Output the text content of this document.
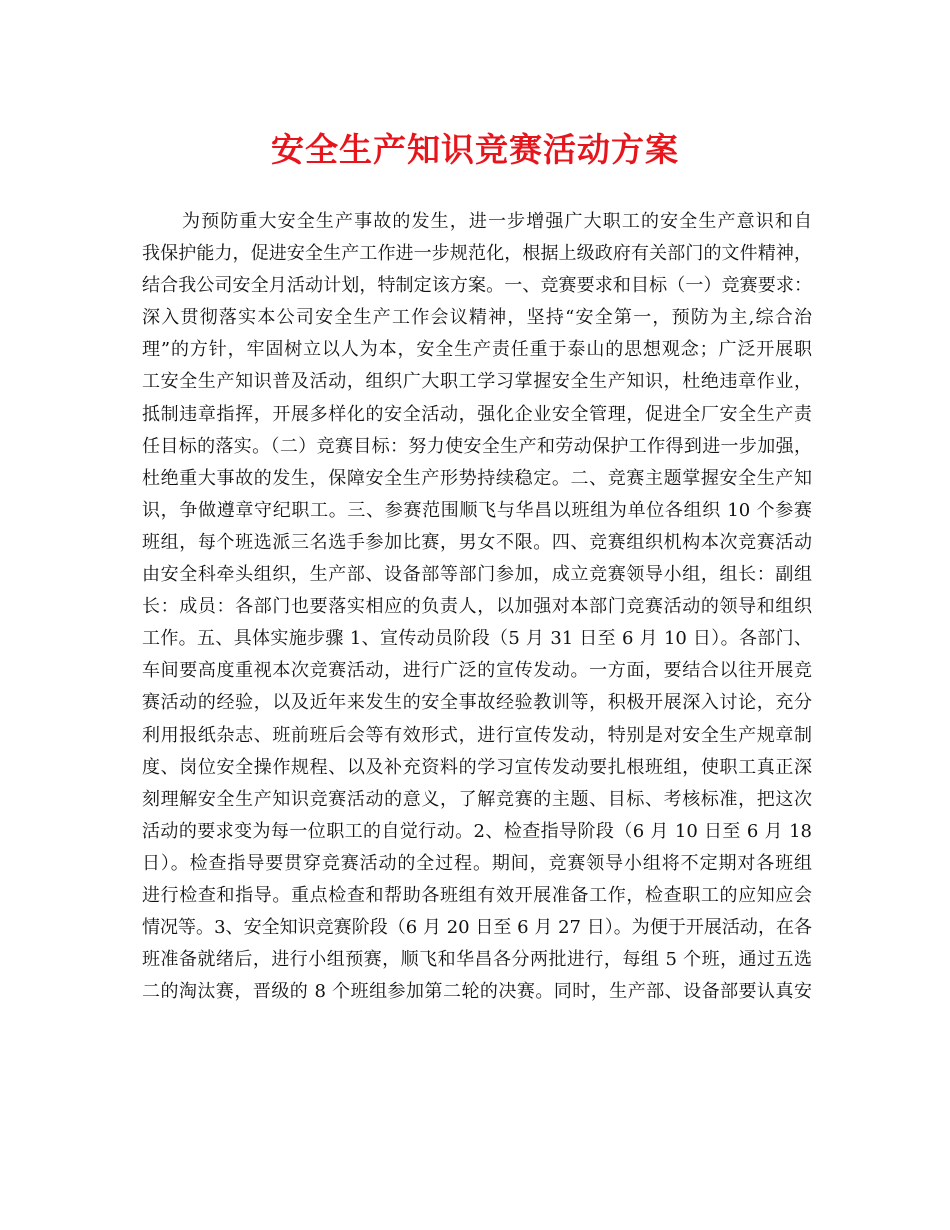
安全生产知识竞赛活动方案
为预防重大安全生产事故的发生，进一步增强广大职工的安全生产意识和自
我保护能力，促进安全生产工作进一步规范化，根据上级政府有关部门的文件精神，
结合我公司安全月活动计划，特制定该方案。一、竞赛要求和目标（一）竞赛要求：
深入贯彻落实本公司安全生产工作会议精神，坚持“安全第一，预防为主,综合治
理”的方针，牢固树立以人为本，安全生产责任重于泰山的思想观念；广泛开展职
工安全生产知识普及活动，组织广大职工学习掌握安全生产知识，杜绝违章作业，
抵制违章指挥，开展多样化的安全活动，强化企业安全管理，促进全厂安全生产责
任目标的落实。（二）竞赛目标：努力使安全生产和劳动保护工作得到进一步加强，
杜绝重大事故的发生，保障安全生产形势持续稳定。二、竞赛主题掌握安全生产知
识，争做遵章守纪职工。三、参赛范围顺飞与华昌以班组为单位各组织 10 个参赛
班组，每个班选派三名选手参加比赛，男女不限。四、竞赛组织机构本次竞赛活动
由安全科牵头组织，生产部、设备部等部门参加，成立竞赛领导小组，组长：副组
长：成员：各部门也要落实相应的负责人，以加强对本部门竞赛活动的领导和组织
工作。五、具体实施步骤 1、宣传动员阶段（5 月 31 日至 6 月 10 日）。各部门、
车间要高度重视本次竞赛活动，进行广泛的宣传发动。一方面，要结合以往开展竞
赛活动的经验，以及近年来发生的安全事故经验教训等，积极开展深入讨论，充分
利用报纸杂志、班前班后会等有效形式，进行宣传发动，特别是对安全生产规章制
度、岗位安全操作规程、以及补充资料的学习宣传发动要扎根班组，使职工真正深
刻理解安全生产知识竞赛活动的意义，了解竞赛的主题、目标、考核标准，把这次
活动的要求变为每一位职工的自觉行动。2、检查指导阶段（6 月 10 日至 6 月 18
日）。检查指导要贯穿竞赛活动的全过程。期间，竞赛领导小组将不定期对各班组
进行检查和指导。重点检查和帮助各班组有效开展准备工作，检查职工的应知应会
情况等。3、安全知识竞赛阶段（6 月 20 日至 6 月 27 日）。为便于开展活动，在各
班准备就绪后，进行小组预赛，顺飞和华昌各分两批进行，每组 5 个班，通过五选
二的淘汰赛，晋级的 8 个班组参加第二轮的决赛。同时，生产部、设备部要认真安
